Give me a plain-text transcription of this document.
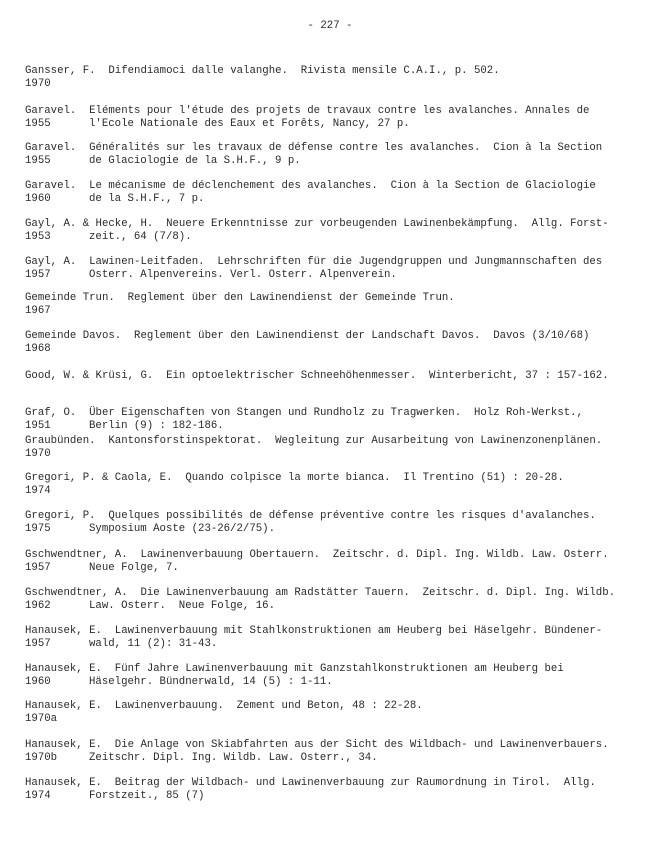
- 227 -
Gansser, F.  Difendiamoci dalle valanghe.  Rivista mensile C.A.I., p. 502.
1970
Garavel.  Eléments pour l'étude des projets de travaux contre les avalanches. Annales de
1955	l'Ecole Nationale des Eaux et Forêts, Nancy, 27 p.
Garavel.  Généralités sur les travaux de défense contre les avalanches.  Cion à la Section
1955	de Glaciologie de la S.H.F., 9 p.
Garavel.  Le mécanisme de déclenchement des avalanches.  Cion à la Section de Glaciologie
1960	de la S.H.F., 7 p.
Gayl, A. & Hecke, H.  Neuere Erkenntnisse zur vorbeugenden Lawinenbekämpfung.  Allg. Forst-
1953	zeit., 64 (7/8).
Gayl, A.  Lawinen-Leitfaden.  Lehrschriften für die Jugendgruppen und Jungmannschaften des
1957	Osterr. Alpenvereins. Verl. Osterr. Alpenverein.
Gemeinde Trun.  Reglement über den Lawinendienst der Gemeinde Trun.
1967
Gemeinde Davos.  Reglement über den Lawinendienst der Landschaft Davos.  Davos (3/10/68)
1968
Good, W. & Krüsi, G.  Ein optoelektrischer Schneehöhenmesser.  Winterbericht, 37 : 157-162.
Graf, O.  Über Eigenschaften von Stangen und Rundholz zu Tragwerken.  Holz Roh-Werkst.,
1951	Berlin (9) : 182-186.
Graubünden.  Kantonsforstinspektorat.  Wegleitung zur Ausarbeitung von Lawinenzonenplänen.
1970
Gregori, P. & Caola, E.  Quando colpisce la morte bianca.  Il Trentino (51) : 20-28.
1974
Gregori, P.  Quelques possibilités de défense préventive contre les risques d'avalanches.
1975	Symposium Aoste (23-26/2/75).
Gschwendtner, A.  Lawinenverbauung Obertauern.  Zeitschr. d. Dipl. Ing. Wildb. Law. Osterr.
1957	Neue Folge, 7.
Gschwendtner, A.  Die Lawinenverbauung am Radstätter Tauern.  Zeitschr. d. Dipl. Ing. Wildb.
1962	Law. Osterr.  Neue Folge, 16.
Hanausek, E.  Lawinenverbauung mit Stahlkonstruktionen am Heuberg bei Häselgehr. Bündener-
1957	wald, 11 (2): 31-43.
Hanausek, E.  Fünf Jahre Lawinenverbauung mit Ganzstahlkonstruktionen am Heuberg bei
1960	Häselgehr. Bündnerwald, 14 (5) : 1-11.
Hanausek, E.  Lawinenverbauung.  Zement und Beton, 48 : 22-28.
1970a
Hanausek, E.  Die Anlage von Skiabfahrten aus der Sicht des Wildbach- und Lawinenverbauers.
1970b	Zeitschr. Dipl. Ing. Wildb. Law. Osterr., 34.
Hanausek, E.  Beitrag der Wildbach- und Lawinenverbauung zur Raumordnung in Tirol.  Allg.
1974	Forstzeit., 85 (7)
